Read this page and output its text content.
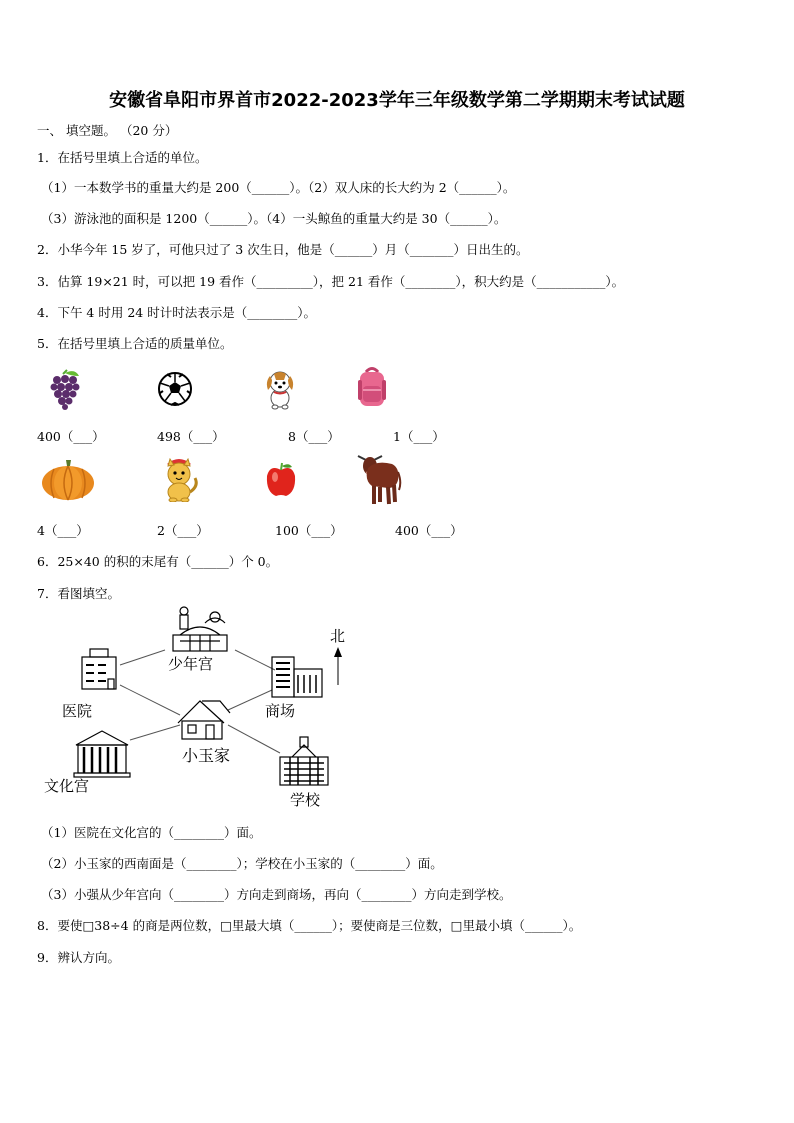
安徽省阜阳市界首市2022-2023学年三年级数学第二学期期末考试试题
一、 填空题。 （20 分）
1．在括号里填上合适的单位。
（1）一本数学书的重量大约是 200（______）。（2）双人床的长大约为 2（______）。
（3）游泳池的面积是 1200（______）。（4）一头鲸鱼的重量大约是 30（______）。
2．小华今年 15 岁了，可他只过了 3 次生日，他是（______）月（_______）日出生的。
3．估算 19×21 时，可以把 19 看作（_________），把 21 看作（________），积大约是（___________）。
4．下午 4 时用 24 时计时法表示是（________）。
5．在括号里填上合适的质量单位。
400（___）	498（___）	8（___）	1（___）
4（___）	2（___）	100（___）	400（___）
6．25×40 的积的末尾有（______）个 0。
7．看图填空。
北
少年宫
医院	商场
小玉家
文化宫
学校
（1）医院在文化宫的（________）面。
（2）小玉家的西南面是（________）；学校在小玉家的（________）面。
（3）小强从少年宫向（________）方向走到商场，再向（________）方向走到学校。
8．要使□38÷4 的商是两位数，□里最大填（______）；要使商是三位数，□里最小填（______）。
9．辨认方向。
